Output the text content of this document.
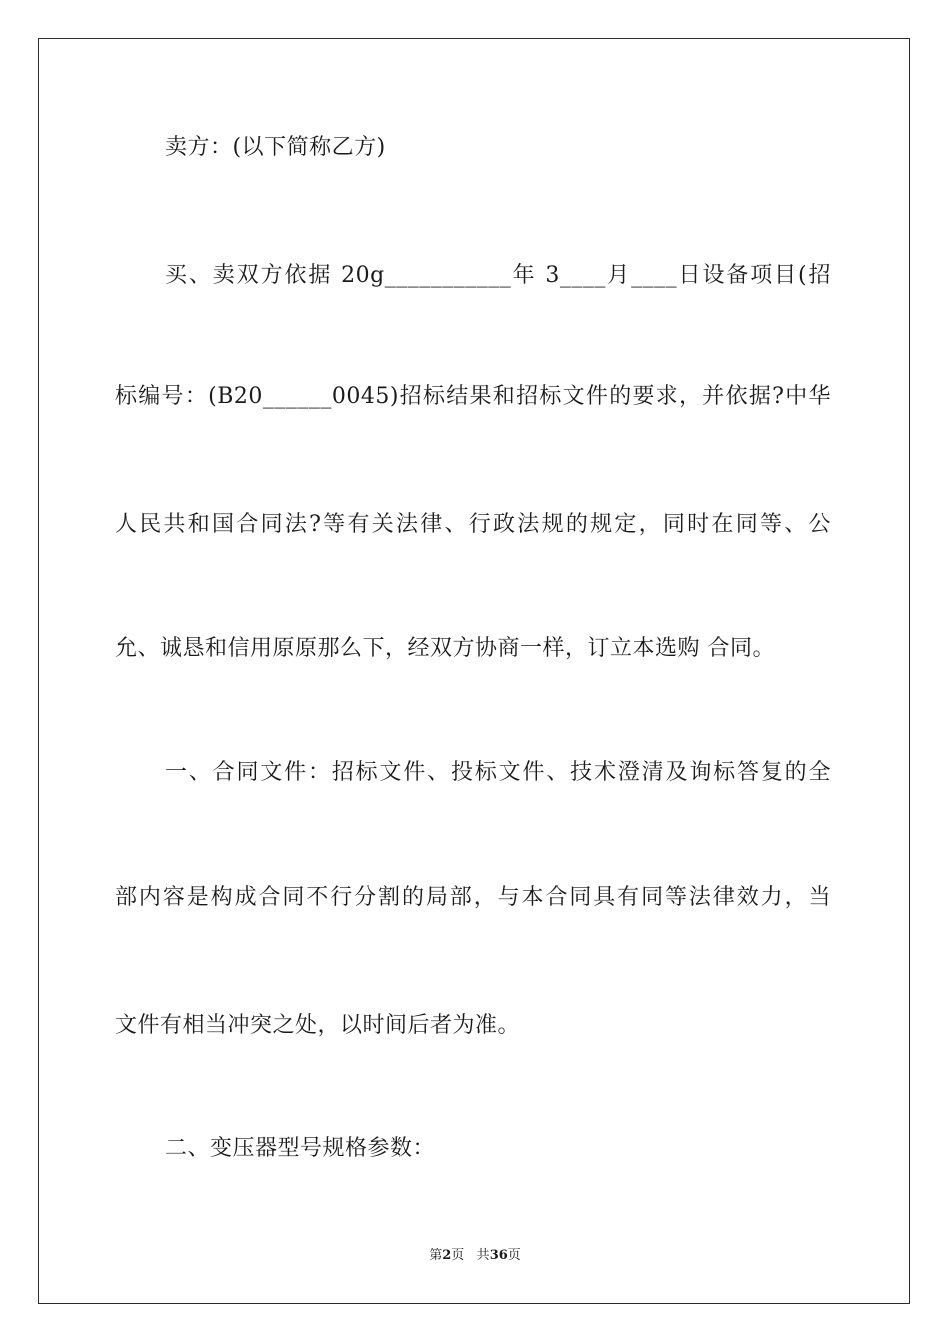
卖方：(以下简称乙方)
买、卖双方依据 20g___________年 3____月____日设备项目(招
标编号：(B20______0045)招标结果和招标文件的要求，并依据?中华
人民共和国合同法?等有关法律、行政法规的规定，同时在同等、公
允、诚恳和信用原原那么下，经双方协商一样，订立本选购 合同。
一、合同文件：招标文件、投标文件、技术澄清及询标答复的全
部内容是构成合同不行分割的局部，与本合同具有同等法律效力，当
文件有相当冲突之处，以时间后者为准。
二、变压器型号规格参数：
第2页 共36页
